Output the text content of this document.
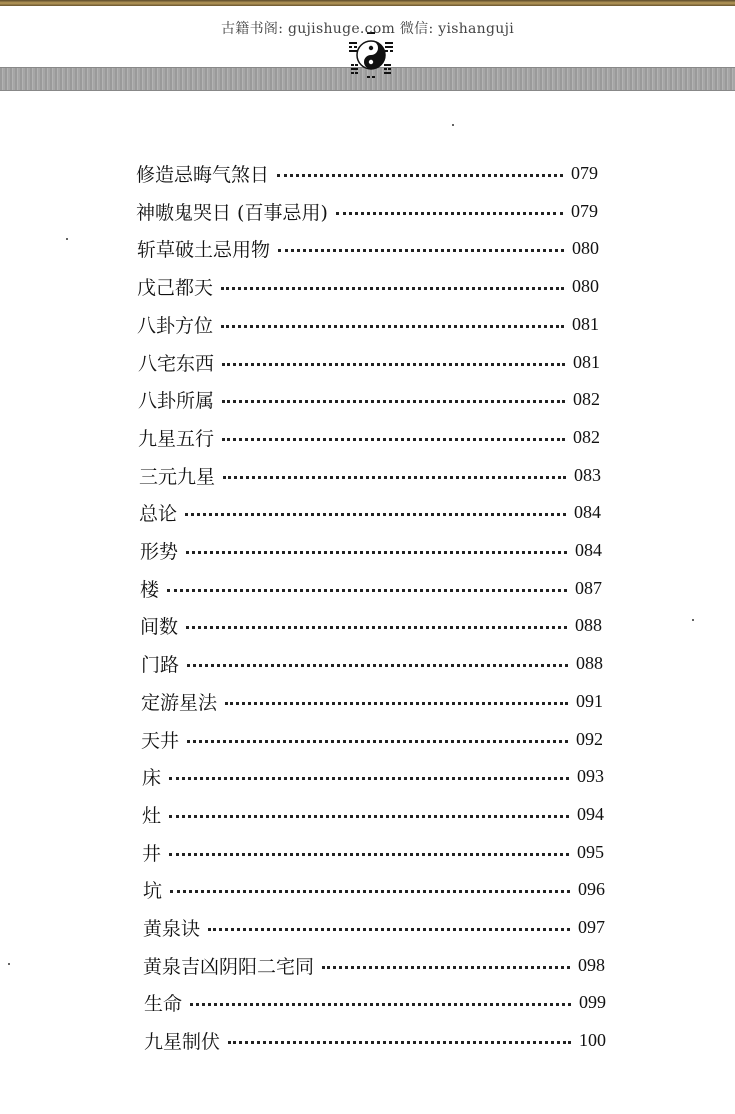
古籍书阁: gujishuge.com 微信: yishanguji
修造忌晦气煞日	079
神嗷鬼哭日 (百事忌用)	079
斩草破土忌用物	080
戊己都天	080
八卦方位	081
八宅东西	081
八卦所属	082
九星五行	082
三元九星	083
总论	084
形势	084
楼	087
间数	088
门路	088
定游星法	091
天井	092
床	093
灶	094
井	095
坑	096
黄泉诀	097
黄泉吉凶阴阳二宅同	098
生命	099
九星制伏	100
